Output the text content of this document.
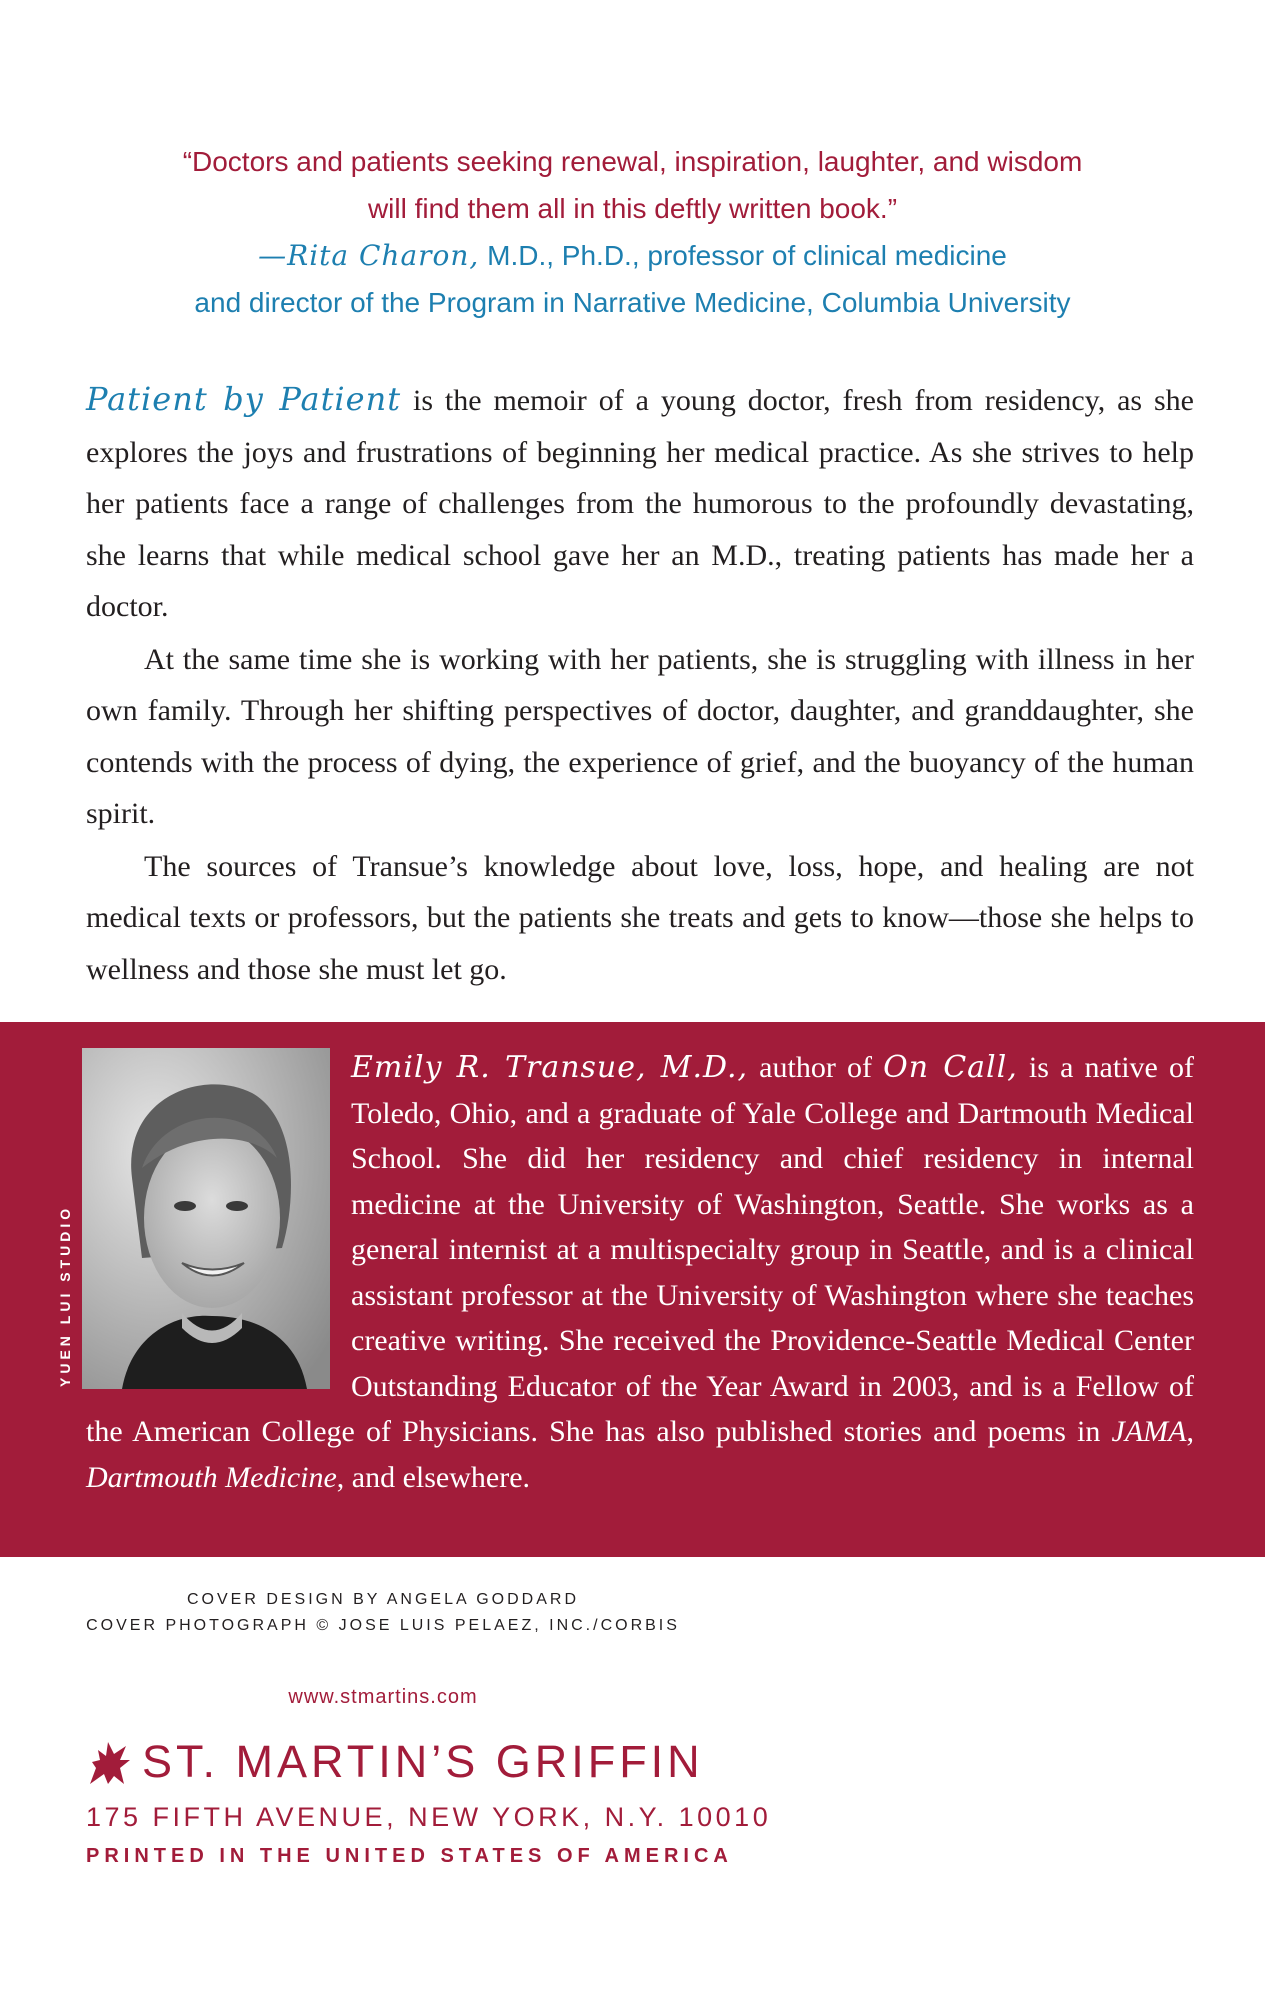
“Doctors and patients seeking renewal, inspiration, laughter, and wisdom
will find them all in this deftly written book.”
—Rita Charon, M.D., Ph.D., professor of clinical medicine
and director of the Program in Narrative Medicine, Columbia University

Patient by Patient is the memoir of a young doctor, fresh from residency, as she explores the joys and frustrations of beginning her medical practice. As she strives to help her patients face a range of challenges from the humorous to the profoundly devastating, she learns that while medical school gave her an M.D., treating patients has made her a doctor.

At the same time she is working with her patients, she is struggling with illness in her own family. Through her shifting perspectives of doctor, daughter, and granddaughter, she contends with the process of dying, the experience of grief, and the buoyancy of the human spirit.

The sources of Transue’s knowledge about love, loss, hope, and healing are not medical texts or professors, but the patients she treats and gets to know—those she helps to wellness and those she must let go.

YUEN LUI STUDIO
Emily R. Transue, M.D., author of On Call, is a native of Toledo, Ohio, and a graduate of Yale College and Dartmouth Medical School. She did her residency and chief residency in internal medicine at the University of Washington, Seattle. She works as a general internist at a multispecialty group in Seattle, and is a clinical assistant professor at the University of Washington where she teaches creative writing. She received the Providence-Seattle Medical Center Outstanding Educator of the Year Award in 2003, and is a Fellow of the American College of Physicians. She has also published stories and poems in JAMA, Dartmouth Medicine, and elsewhere.
COVER DESIGN BY ANGELA GODDARD
COVER PHOTOGRAPH © JOSE LUIS PELAEZ, INC./CORBIS
www.stmartins.com
ST. MARTIN’S GRIFFIN
175 FIFTH AVENUE, NEW YORK, N.Y. 10010
PRINTED IN THE UNITED STATES OF AMERICA
